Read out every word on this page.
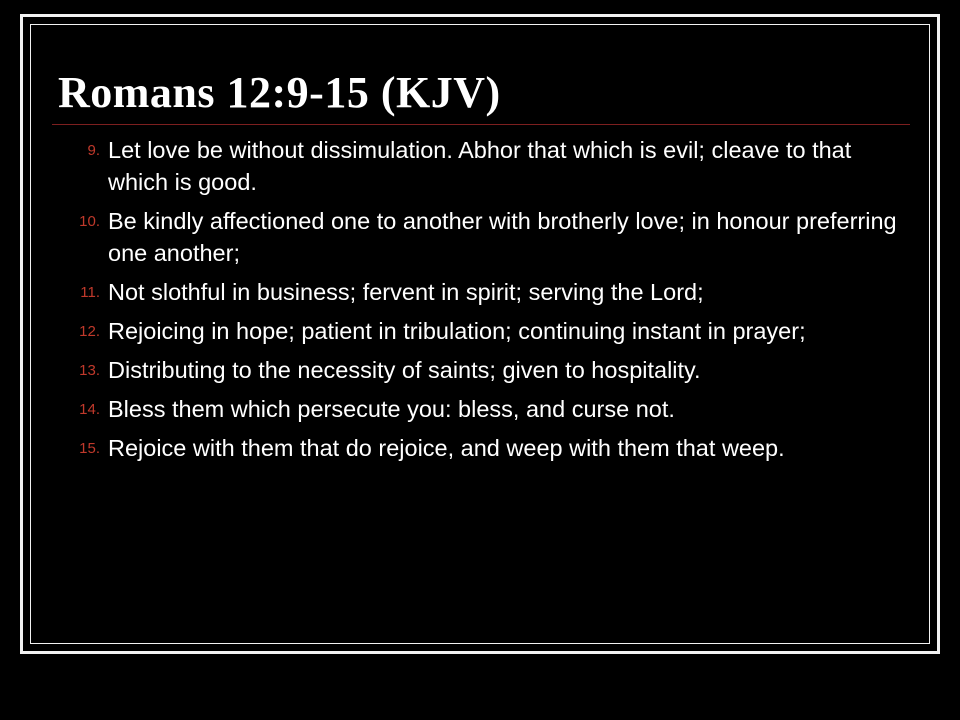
Romans 12:9-15 (KJV)
9. Let love be without dissimulation. Abhor that which is evil; cleave to that which is good.
10. Be kindly affectioned one to another with brotherly love; in honour preferring one another;
11. Not slothful in business; fervent in spirit; serving the Lord;
12. Rejoicing in hope; patient in tribulation; continuing instant in prayer;
13. Distributing to the necessity of saints; given to hospitality.
14. Bless them which persecute you: bless, and curse not.
15. Rejoice with them that do rejoice, and weep with them that weep.
